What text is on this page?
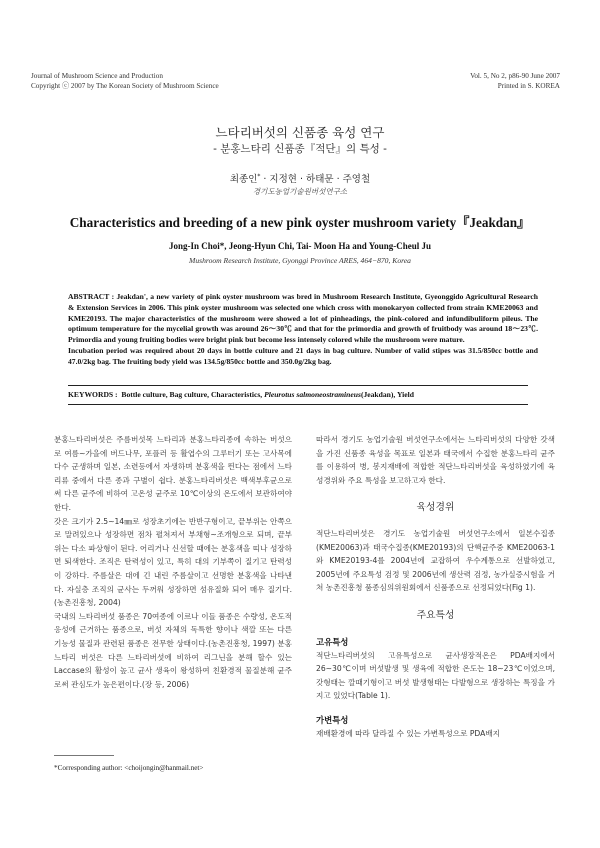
Journal of Mushroom Science and Production
Copyright ⓒ 2007 by The Korean Society of Mushroom Science
Vol. 5, No 2, p86-90 June 2007
Printed in S. KOREA
느타리버섯의 신품종 육성 연구
- 분홍느타리 신품종『적단』의 특성 -
최종인* · 지정현 · 하태문 · 주영철
경기도농업기술원버섯연구소
Characteristics and breeding of a new pink oyster mushroom variety『Jeakdan』
Jong-In Choi*, Jeong-Hyun Chi, Tai- Moon Ha and Young-Cheul Ju
Mushroom Research Institute, Gyonggi Province ARES, 464−870, Korea

ABSTRACT : Jeakdan', a new variety of pink oyster mushroom was bred in Mushroom Research Institute, Gyeonggido Agricultural Research & Extension Services in 2006. This pink oyster mushroom was selected one which cross with monokaryon collected from strain KME20063 and KME20193. The major characteristics of the mushroom were showed a lot of pinheadings, the pink-colored and infundibuliform pileus. The optimum temperature for the mycelial growth was around 26～30℃ and that for the primordia and growth of fruitbody was around 18～23℃. Primordia and young fruiting bodies were bright pink but become less intensely colored while the mushroom were mature.

Incubation period was required about 20 days in bottle culture and 21 days in bag culture. Number of valid stipes was 31.5/850cc bottle and 47.0/2kg bag. The fruiting body yield was 134.5g/850cc bottle and 350.0g/2kg bag.

KEYWORDS : Bottle culture, Bag culture, Characteristics, Pleurotus salmoneostramineus(Jeakdan), Yield

분홍느타리버섯은 주름버섯목 느타리과 분홍느타리종에 속하는 버섯으로 여름~가을에 버드나무, 포플러 등 활엽수의 그루터기 또는 고사목에 다수 군생하며 일본, 소련등에서 자생하며 분홍색을 띈다는 점에서 느타리류 중에서 다른 종과 구별이 쉽다. 분홍느타리버섯은 백색부후균으로써 다른 균주에 비하여 고온성 균주로 10℃이상의 온도에서 보관하여야 한다.

갓은 크기가 2.5~14㎜로 성장초기에는 반반구형이고, 끝부위는 안쪽으로 말려있으나 성장하면 점차 펼쳐져서 부채형~조개형으로 되며, 끝부위는 다소 파상형이 된다. 어리거나 신선할 때에는 분홍색을 띠나 성장하면 퇴색한다. 조직은 탄력성이 있고, 특히 대의 기부쪽이 질기고 탄력성이 강하다. 주름살은 대에 긴 내린 주름살이고 선명한 분홍색을 나타낸다. 자실층 조직의 균사는 두꺼워 성장하면 섬유질화 되어 매우 질기다.(농촌진흥청, 2004)

국내의 느타리버섯 품종은 70여종에 이르나 이들 품종은 수량성, 온도적응성에 근거하는 품종으로, 버섯 자체의 독특한 향이나 색깔 또는 다른 기능성 물질과 관련된 품종은 전무한 상태이다.(농촌진흥청, 1997) 분홍느타리 버섯은 다른 느타리버섯에 비하여 리그닌을 분해 할수 있는 Laccase의 활성이 높고 균사 생육이 왕성하여 친환경적 물질분해 균주로써 관심도가 높은편이다.(장 등, 2006)

따라서 경기도 농업기술원 버섯연구소에서는 느타리버섯의 다양한 갓색을 가진 신품종 육성을 목표로 일본과 태국에서 수집한 분홍느타리 균주를 이용하여 병, 봉지재배에 적합한 적단느타리버섯을 육성하였기에 육성경위와 주요 특성을 보고하고자 한다.

육성경위

적단느타리버섯은 경기도 농업기술원 버섯연구소에서 일본수집종(KME20063)과 태국수집종(KME20193)의 단핵균주중 KME20063-1와 KME20193-4를 2004년에 교잡하여 우수계통으로 선발하였고, 2005년에 주요특성 검정 및 2006년에 생산력 검정, 농가실증시험을 거쳐 농촌진흥청 품종심의위원회에서 신품종으로 선정되었다(Fig 1).

주요특성
고유특성

적단느타리버섯의 고유특성으로 균사생장적온은 PDA배지에서 26~30℃이며 버섯발생 및 생육에 적합한 온도는 18~23℃이었으며, 갓형태는 깔때기형이고 버섯 발생형태는 다발형으로 생장하는 특징을 가지고 있었다(Table 1).

가변특성

재배환경에 따라 달라질 수 있는 가변특성으로 PDA배지

*Corresponding author: <choijongin@hanmail.net>
